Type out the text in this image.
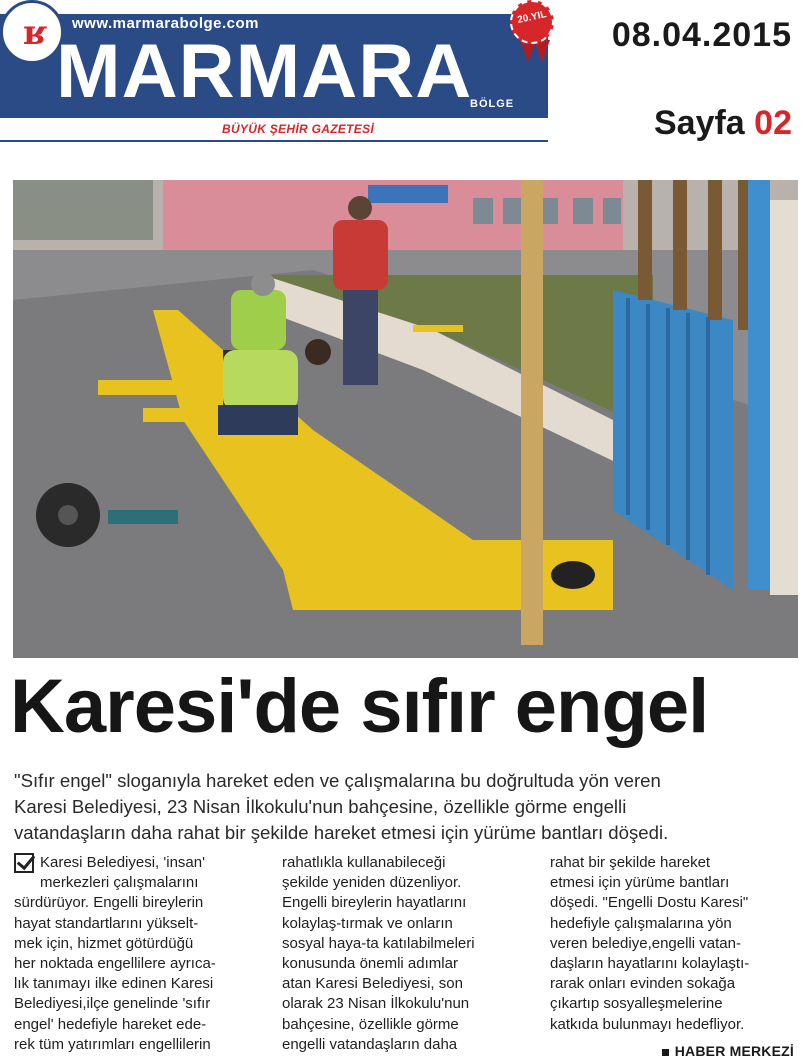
ʁ www.marmarabolge.com
MARMARA
BÖLGE
20.YIL
BÜYÜK ŞEHİR GAZETESİ
08.04.2015
Sayfa 02
Karesi'de sıfır engel

"Sıfır engel" sloganıyla hareket eden ve çalışmalarına bu doğrultuda yön veren

Karesi Belediyesi, 23 Nisan İlkokulu'nun bahçesine, özellikle görme engelli

vatandaşların daha rahat bir şekilde hareket etmesi için yürüme bantları döşedi.

Karesi Belediyesi, 'insan'

merkezleri çalışmalarını

sürdürüyor. Engelli bireylerin

hayat standartlarını yükselt-

mek için, hizmet götürdüğü

her noktada engellilere ayrıca-

lık tanımayı ilke edinen Karesi

Belediyesi,ilçe genelinde 'sıfır

engel' hedefiyle hareket ede-

rek tüm yatırımları engellilerin

rahatlıkla kullanabileceği

şekilde yeniden düzenliyor.

Engelli bireylerin hayatlarını

kolaylaş-tırmak ve onların

sosyal haya-ta katılabilmeleri

konusunda önemli adımlar

atan Karesi Belediyesi, son

olarak 23 Nisan İlkokulu'nun

bahçesine, özellikle görme

engelli vatandaşların daha

rahat bir şekilde hareket

etmesi için yürüme bantları

döşedi. "Engelli Dostu Karesi"

hedefiyle çalışmalarına yön

veren belediye,engelli vatan-

daşların hayatlarını kolaylaştı-

rarak onları evinden sokağa

çıkartıp sosyalleşmelerine

katkıda bulunmayı hedefliyor.

HABER MERKEZİ
